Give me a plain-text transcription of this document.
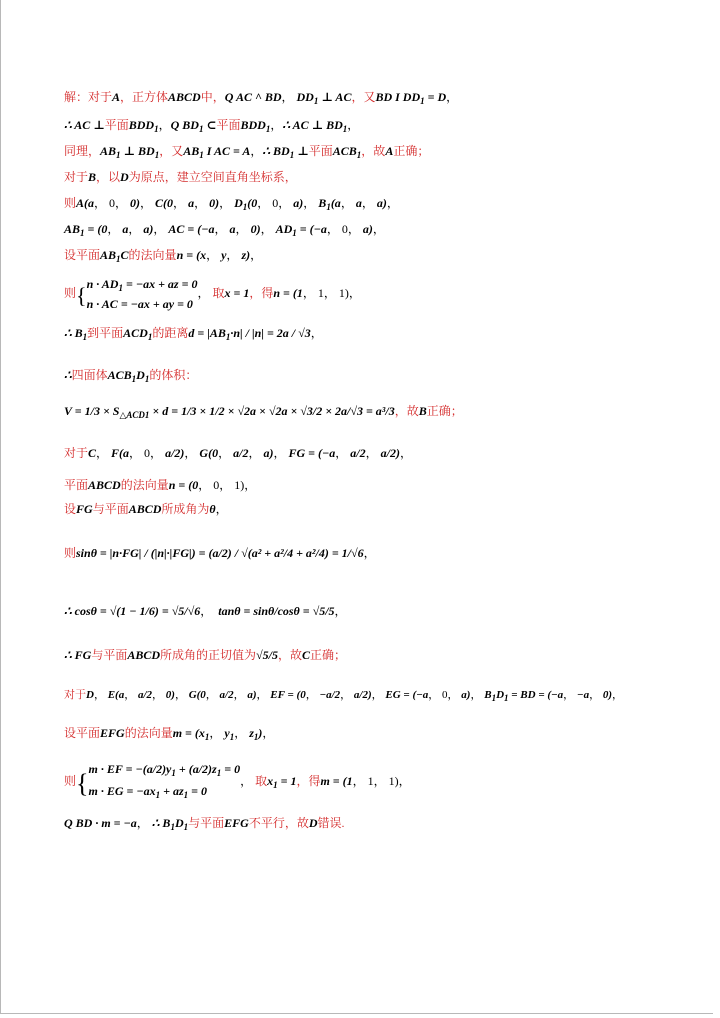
解：对于A，正方体ABCD中，Q AC ^ BD， $DD_1$ ⊥ AC，又BD I $DD_1 = D$，
∴ AC ⊥平面$BDD_1$，Q $BD_1$ ⊂平面$BDD_1$，∴ AC ⊥ $BD_1$，
同理，$AB_1$ ⊥ $BD_1$，又$AB_1$ I AC = A，∴ $BD_1$ ⊥平面$ACB_1$，故A正确；
对于B，以D为原点，建立空间直角坐标系，
则A(a， 0， 0)， C(0， a， 0)， $D_1(0$， 0， a)， $B_1(a$， a， a)，
$AB_1 = (0$， a， a)， AC = (−a， a， 0)， $AD_1 = (-a$， 0， a)，
设平面$AB_1C$的法向量n = (x， y， z)，
则{$n \cdot AD_1 = -ax$ + az = 0
n · AC = −ax + ay = 0， 取x = 1，得n = (1， 1， 1)，
∴ $B_1$到平面$ACD_1$的距离$d = |AB_1\cdot n| / |n| = 2a / √3$，
∴四面体$ACB_1D_1$的体积：
$V = 1/3 \times S_{\triangle ACD1} \times d = 1/3 \times 1/2 \times √2a \times √2a \times √3/2 \times 2a/√3 = a^3/3$，故B正确；
对于C， F(a， 0， a/2)， G(0， a/2， a)， FG = (−a， a/2， a/2)，
平面ABCD的法向量n = (0， 0， 1)，
设FG与平面ABCD所成角为θ，
则sinθ = |n·FG| / (|n|·|FG|) = (a/2) / √(a² + a²/4 + a²/4) = 1/√6，
∴ cosθ = √(1 − 1/6) = √5/√6，  tanθ = sinθ/cosθ = √5/5，
∴ FG与平面ABCD所成角的正切值为√5/5，故C正确；
对于D， E(a， a/2， 0)， G(0， a/2， a)， EF = (0， −a/2， a/2)， EG = (−a， 0， a)， $B_1D_1$ = BD = (−a， −a， 0)，
设平面EFG的法向量$m = (x_1$， $y_1$， $z_1$)，
则{m · EF = $-(a/2)y_1 + (a/2)z_1 = 0$
m · EG = $-ax_1 + az_1 = 0$， 取$x_1 = 1$，得m = (1， 1， 1)，
Q BD · m = −a， ∴ $B_1D_1$与平面EFG不平行，故D错误.
